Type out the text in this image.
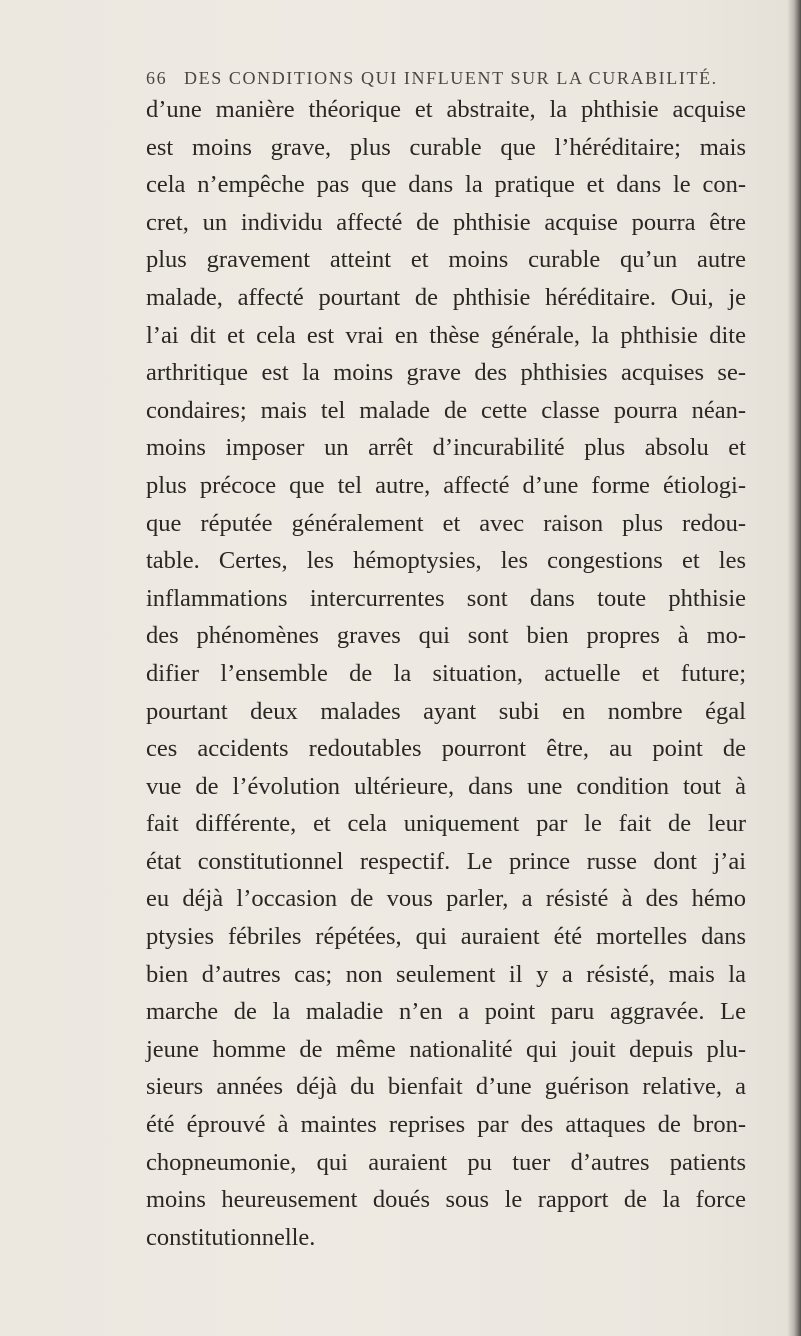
66 DES CONDITIONS QUI INFLUENT SUR LA CURABILITÉ.
d’une manière théorique et abstraite, la phthisie acquise
est moins grave, plus curable que l’héréditaire; mais
cela n’empêche pas que dans la pratique et dans le con-
cret, un individu affecté de phthisie acquise pourra être
plus gravement atteint et moins curable qu’un autre
malade, affecté pourtant de phthisie héréditaire. Oui, je
l’ai dit et cela est vrai en thèse générale, la phthisie dite
arthritique est la moins grave des phthisies acquises se-
condaires; mais tel malade de cette classe pourra néan-
moins imposer un arrêt d’incurabilité plus absolu et
plus précoce que tel autre, affecté d’une forme étiologi-
que réputée généralement et avec raison plus redou-
table. Certes, les hémoptysies, les congestions et les
inflammations intercurrentes sont dans toute phthisie
des phénomènes graves qui sont bien propres à mo-
difier l’ensemble de la situation, actuelle et future;
pourtant deux malades ayant subi en nombre égal
ces accidents redoutables pourront être, au point de
vue de l’évolution ultérieure, dans une condition tout à
fait différente, et cela uniquement par le fait de leur
état constitutionnel respectif. Le prince russe dont j’ai
eu déjà l’occasion de vous parler, a résisté à des hémo
ptysies fébriles répétées, qui auraient été mortelles dans
bien d’autres cas; non seulement il y a résisté, mais la
marche de la maladie n’en a point paru aggravée. Le
jeune homme de même nationalité qui jouit depuis plu-
sieurs années déjà du bienfait d’une guérison relative, a
été éprouvé à maintes reprises par des attaques de bron-
chopneumonie, qui auraient pu tuer d’autres patients
moins heureusement doués sous le rapport de la force
constitutionnelle.
